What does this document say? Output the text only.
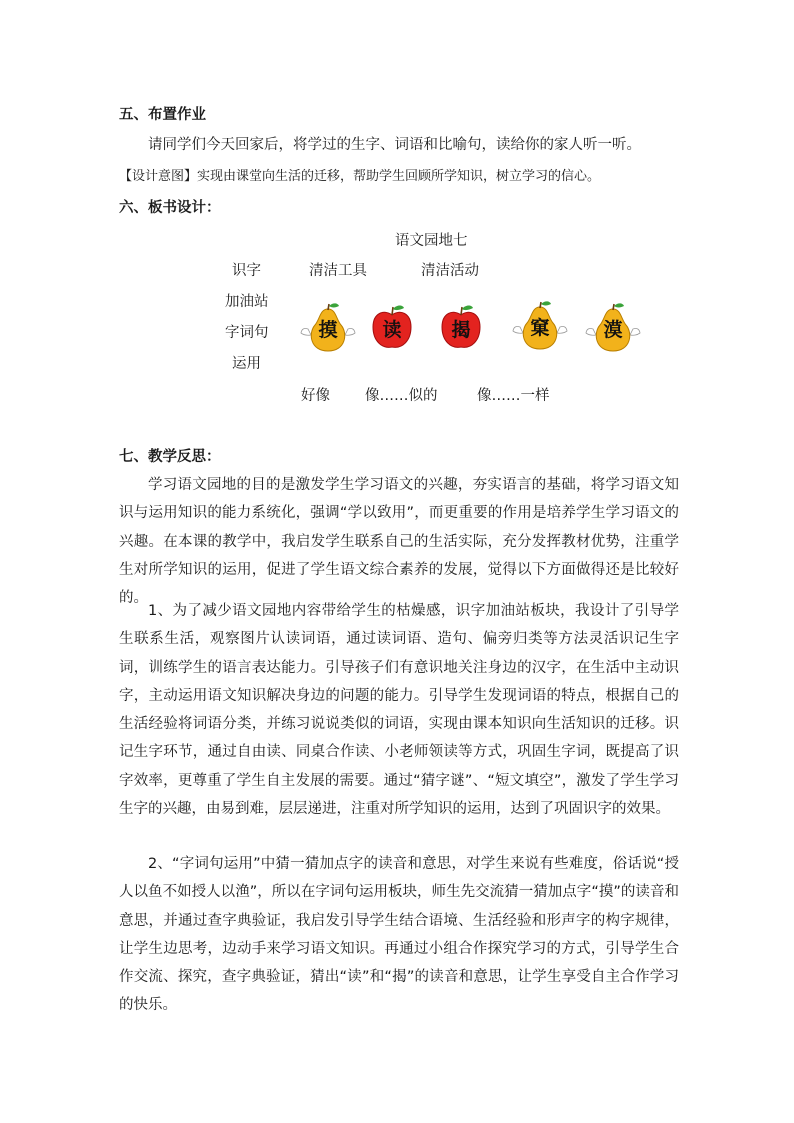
五、布置作业
请同学们今天回家后，将学过的生字、词语和比喻句，读给你的家人听一听。
【设计意图】实现由课堂向生活的迁移，帮助学生回顾所学知识，树立学习的信心。
六、板书设计：
语文园地七
识字
加油站
字词句
运用
清洁工具	清洁活动
摸	读	揭	窠	漠
好像 像……似的	像……一样
七、教学反思：
学习语文园地的目的是激发学生学习语文的兴趣，夯实语言的基础，将学习语文知识与运用知识的能力系统化，强调“学以致用”，而更重要的作用是培养学生学习语文的兴趣。在本课的教学中，我启发学生联系自己的生活实际，充分发挥教材优势，注重学生对所学知识的运用，促进了学生语文综合素养的发展，觉得以下方面做得还是比较好的。
1、为了减少语文园地内容带给学生的枯燥感，识字加油站板块，我设计了引导学生联系生活，观察图片认读词语，通过读词语、造句、偏旁归类等方法灵活识记生字词，训练学生的语言表达能力。引导孩子们有意识地关注身边的汉字，在生活中主动识字，主动运用语文知识解决身边的问题的能力。引导学生发现词语的特点，根据自己的生活经验将词语分类，并练习说说类似的词语，实现由课本知识向生活知识的迁移。识记生字环节，通过自由读、同桌合作读、小老师领读等方式，巩固生字词，既提高了识字效率，更尊重了学生自主发展的需要。通过“猜字谜”、“短文填空”，激发了学生学习生字的兴趣，由易到难，层层递进，注重对所学知识的运用，达到了巩固识字的效果。
2、“字词句运用”中猜一猜加点字的读音和意思，对学生来说有些难度，俗话说“授人以鱼不如授人以渔”，所以在字词句运用板块，师生先交流猜一猜加点字“摸”的读音和意思，并通过查字典验证，我启发引导学生结合语境、生活经验和形声字的构字规律，让学生边思考，边动手来学习语文知识。再通过小组合作探究学习的方式，引导学生合作交流、探究，查字典验证，猜出“读”和“揭”的读音和意思，让学生享受自主合作学习的快乐。
